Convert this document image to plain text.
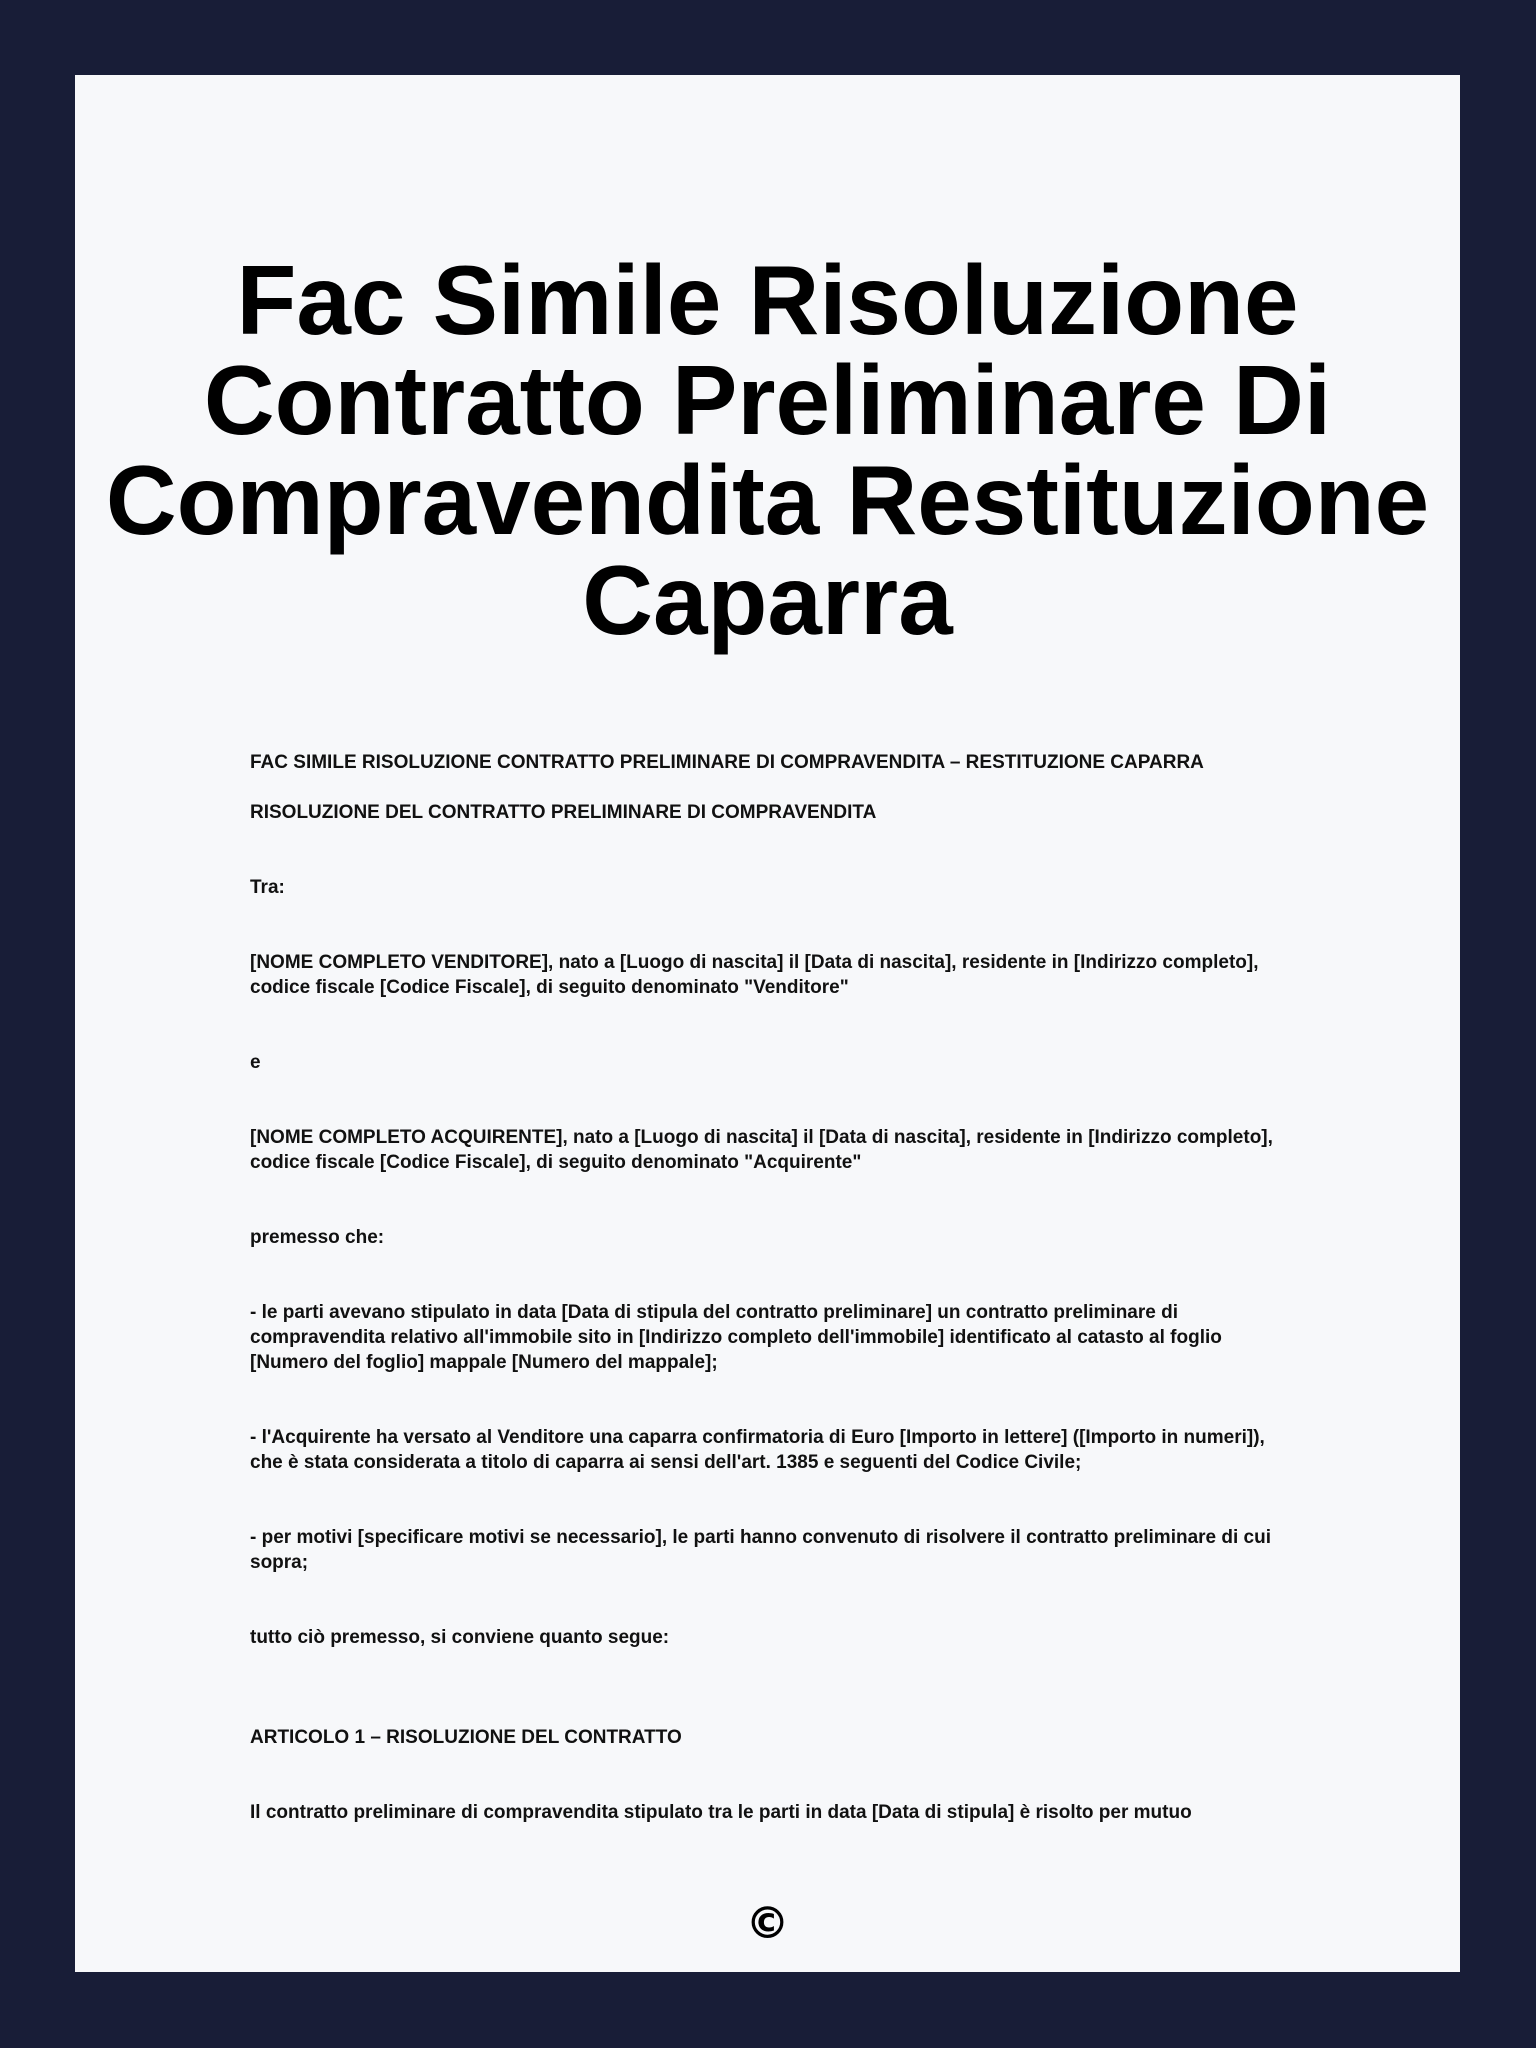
Fac Simile Risoluzione Contratto Preliminare Di Compravendita Restituzione Caparra

FAC SIMILE RISOLUZIONE CONTRATTO PRELIMINARE DI COMPRAVENDITA – RESTITUZIONE CAPARRA

RISOLUZIONE DEL CONTRATTO PRELIMINARE DI COMPRAVENDITA

Tra:

[NOME COMPLETO VENDITORE], nato a [Luogo di nascita] il [Data di nascita], residente in [Indirizzo completo], codice fiscale [Codice Fiscale], di seguito denominato "Venditore"

e

[NOME COMPLETO ACQUIRENTE], nato a [Luogo di nascita] il [Data di nascita], residente in [Indirizzo completo], codice fiscale [Codice Fiscale], di seguito denominato "Acquirente"

premesso che:

- le parti avevano stipulato in data [Data di stipula del contratto preliminare] un contratto preliminare di compravendita relativo all'immobile sito in [Indirizzo completo dell'immobile] identificato al catasto al foglio [Numero del foglio] mappale [Numero del mappale];

- l'Acquirente ha versato al Venditore una caparra confirmatoria di Euro [Importo in lettere] ([Importo in numeri]), che è stata considerata a titolo di caparra ai sensi dell'art. 1385 e seguenti del Codice Civile;

- per motivi [specificare motivi se necessario], le parti hanno convenuto di risolvere il contratto preliminare di cui sopra;

tutto ciò premesso, si conviene quanto segue:

ARTICOLO 1 – RISOLUZIONE DEL CONTRATTO

Il contratto preliminare di compravendita stipulato tra le parti in data [Data di stipula] è risolto per mutuo

©
